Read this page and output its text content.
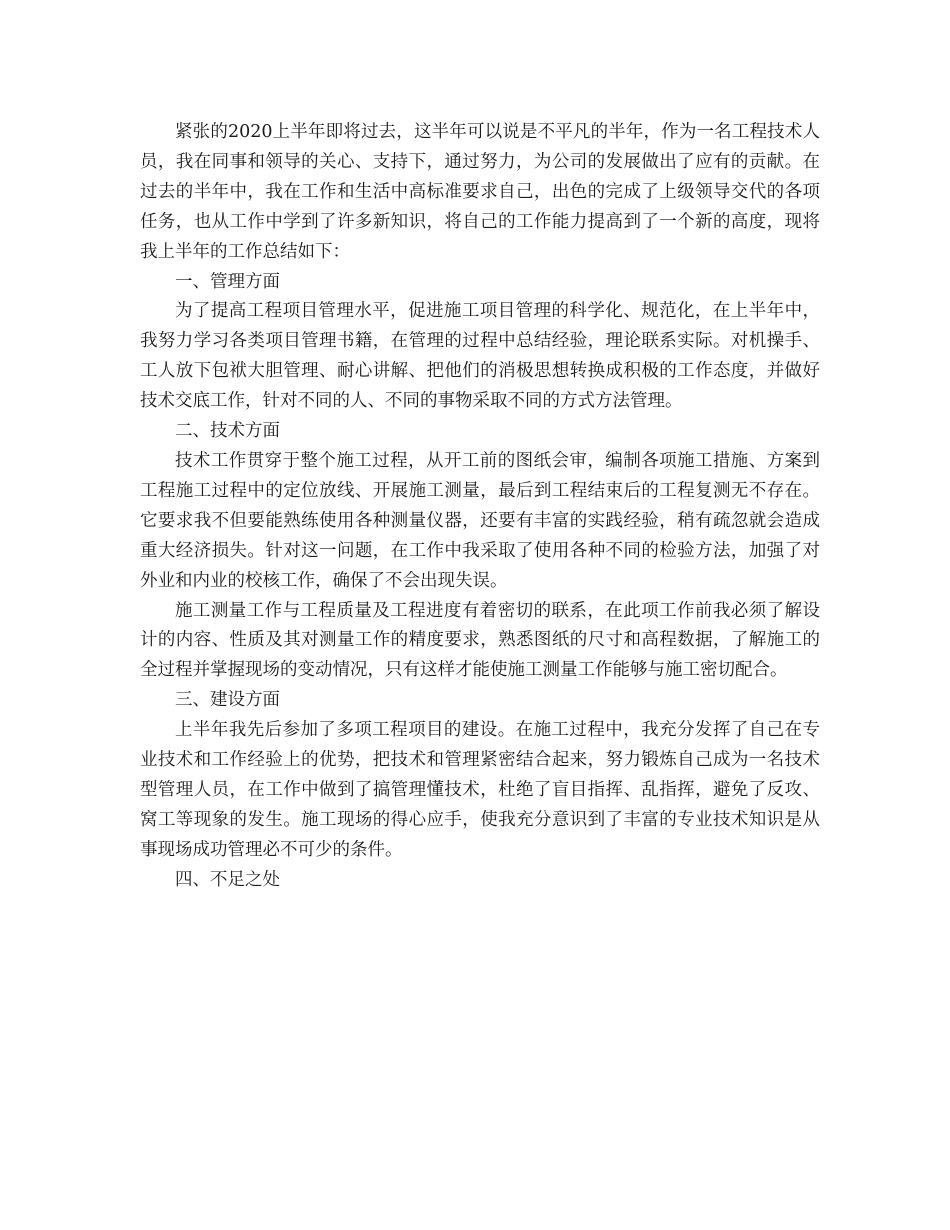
紧张的2020上半年即将过去，这半年可以说是不平凡的半年，作为一名工程技术人员，我在同事和领导的关心、支持下，通过努力，为公司的发展做出了应有的贡献。在过去的半年中，我在工作和生活中高标准要求自己，出色的完成了上级领导交代的各项任务，也从工作中学到了许多新知识，将自己的工作能力提高到了一个新的高度，现将我上半年的工作总结如下：

一、管理方面

为了提高工程项目管理水平，促进施工项目管理的科学化、规范化，在上半年中，我努力学习各类项目管理书籍，在管理的过程中总结经验，理论联系实际。对机操手、工人放下包袱大胆管理、耐心讲解、把他们的消极思想转换成积极的工作态度，并做好技术交底工作，针对不同的人、不同的事物采取不同的方式方法管理。

二、技术方面

技术工作贯穿于整个施工过程，从开工前的图纸会审，编制各项施工措施、方案到工程施工过程中的定位放线、开展施工测量，最后到工程结束后的工程复测无不存在。它要求我不但要能熟练使用各种测量仪器，还要有丰富的实践经验，稍有疏忽就会造成重大经济损失。针对这一问题，在工作中我采取了使用各种不同的检验方法，加强了对外业和内业的校核工作，确保了不会出现失误。

施工测量工作与工程质量及工程进度有着密切的联系，在此项工作前我必须了解设计的内容、性质及其对测量工作的精度要求，熟悉图纸的尺寸和高程数据，了解施工的全过程并掌握现场的变动情况，只有这样才能使施工测量工作能够与施工密切配合。

三、建设方面

上半年我先后参加了多项工程项目的建设。在施工过程中，我充分发挥了自己在专业技术和工作经验上的优势，把技术和管理紧密结合起来，努力锻炼自己成为一名技术型管理人员，在工作中做到了搞管理懂技术，杜绝了盲目指挥、乱指挥，避免了反攻、窝工等现象的发生。施工现场的得心应手，使我充分意识到了丰富的专业技术知识是从事现场成功管理必不可少的条件。

四、不足之处
